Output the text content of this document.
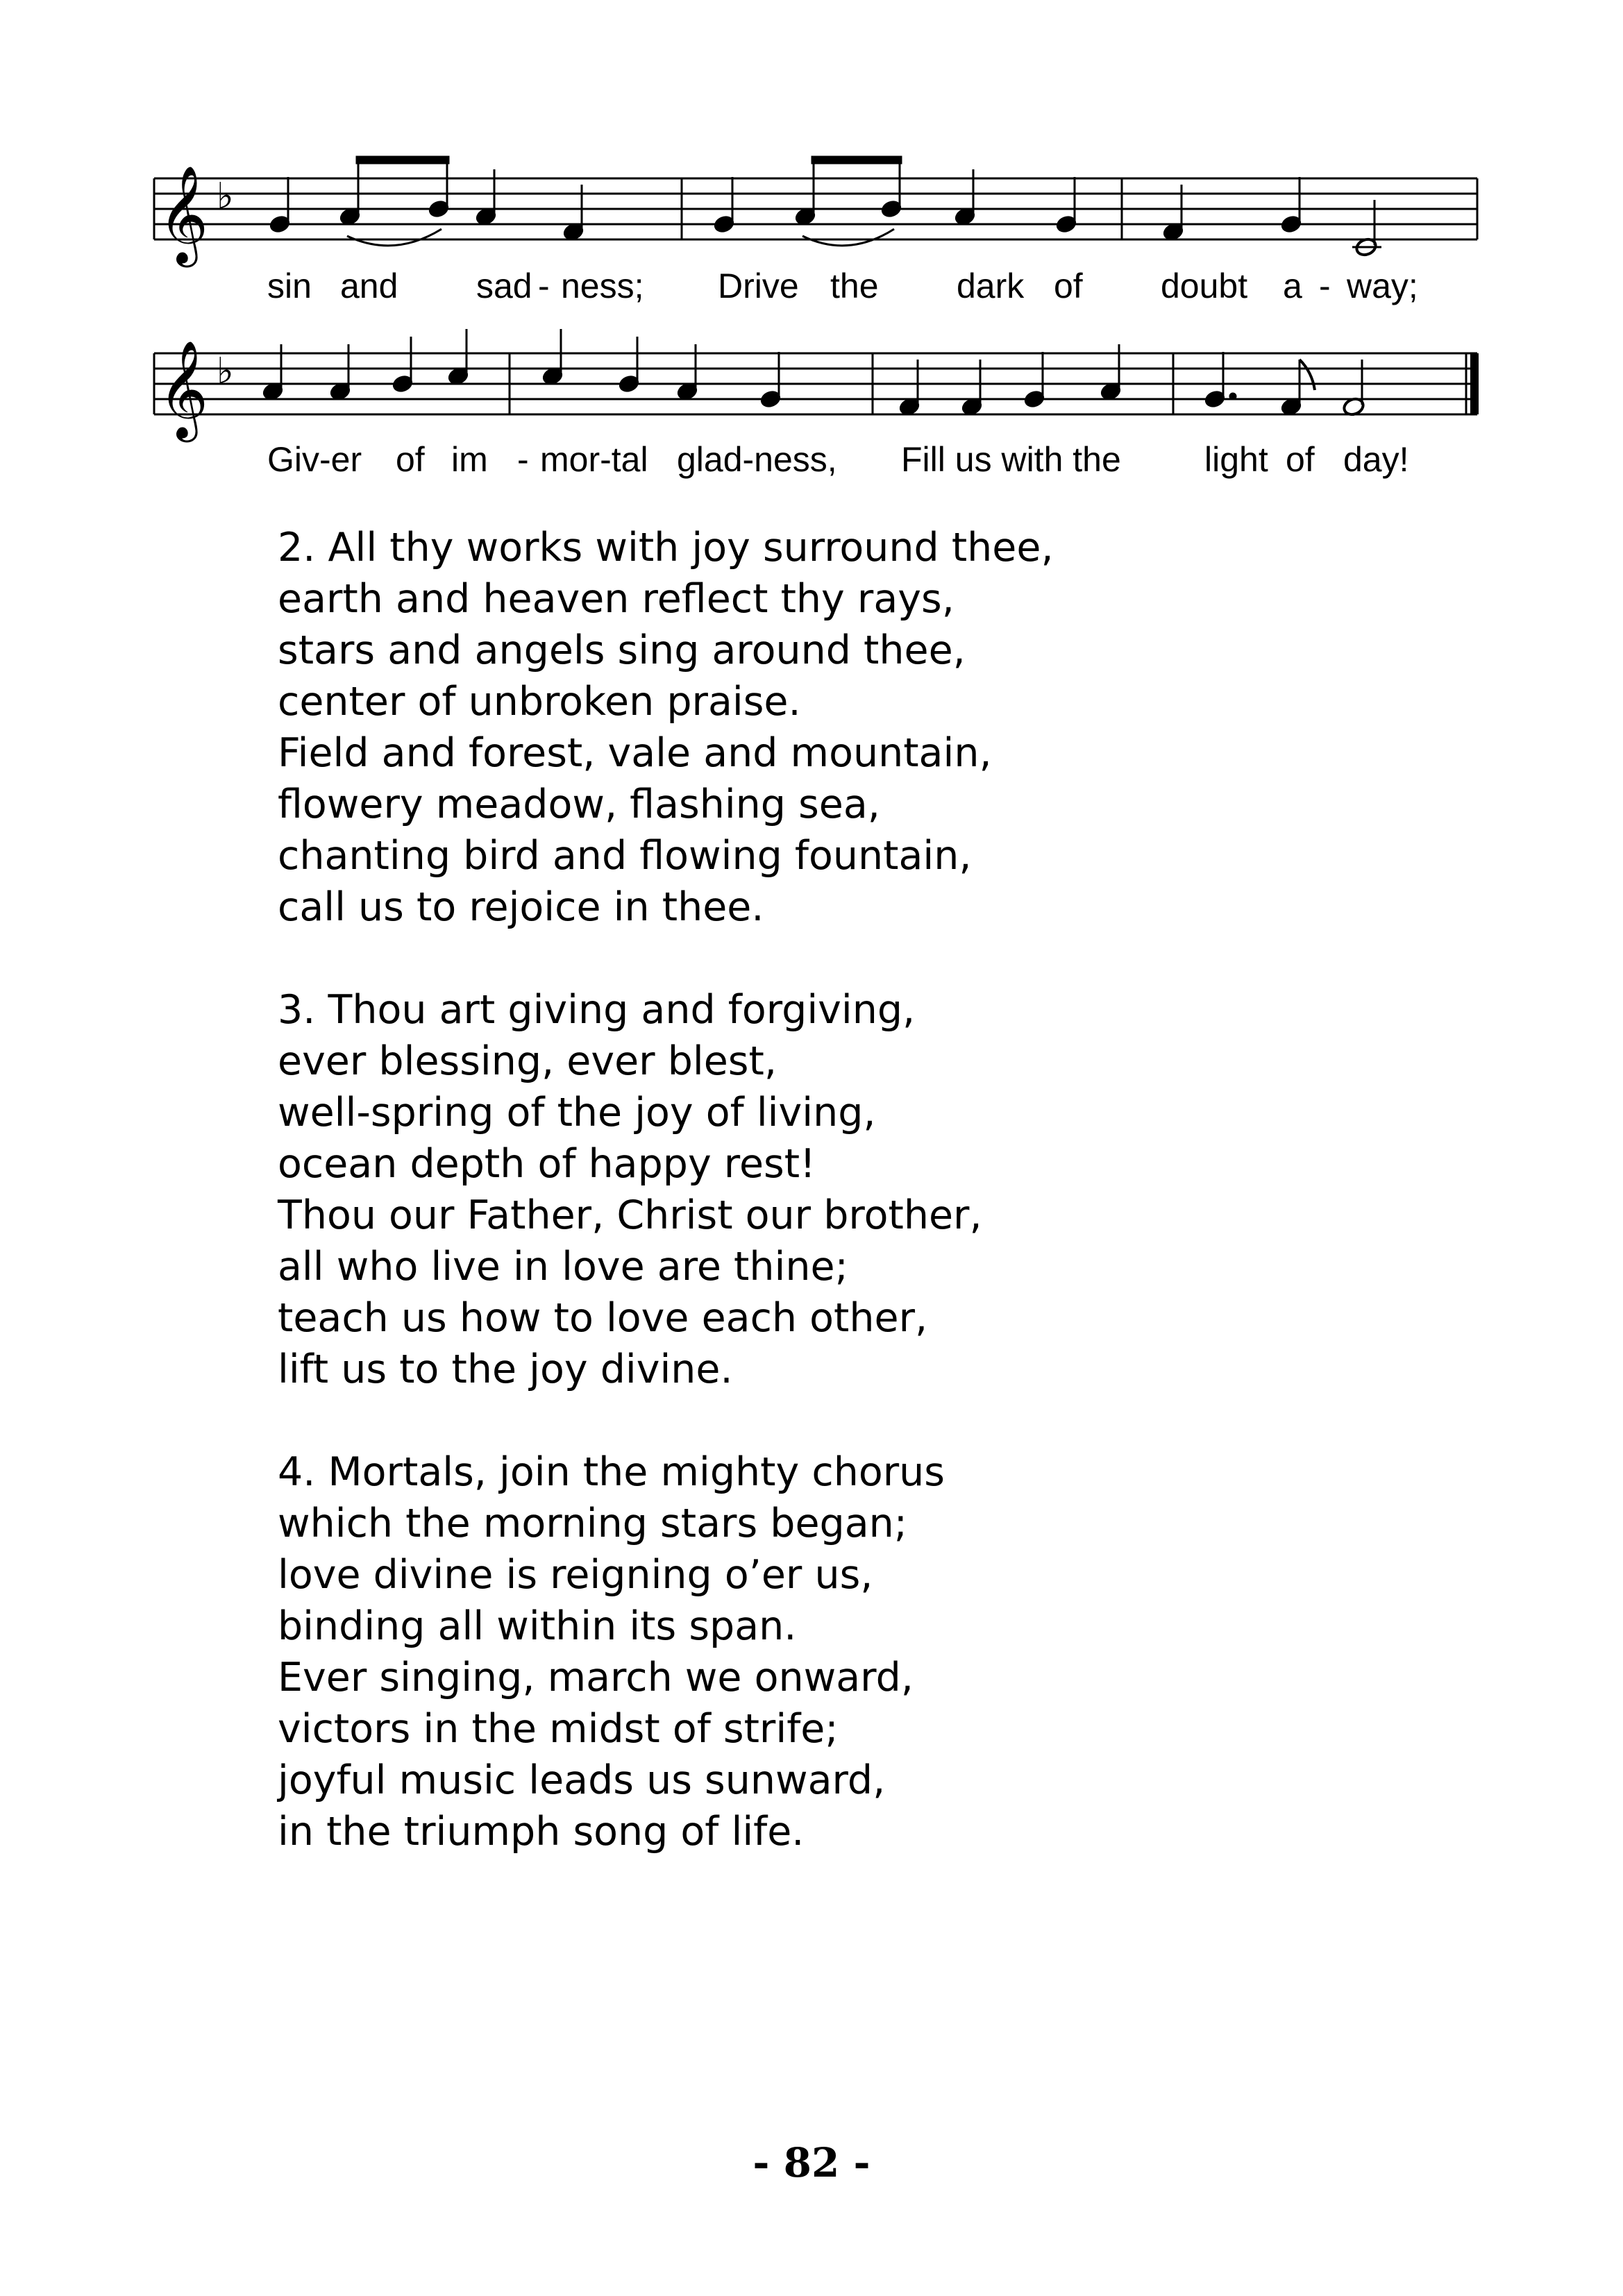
𝄞 ♭
sin and sad - ness; Drive the dark of doubt a - way;
𝄞 ♭
Giv-er of im - mor-tal glad-ness, Fill us with the light of day!
2. All thy works with joy surround thee,
earth and heaven reflect thy rays,
stars and angels sing around thee,
center of unbroken praise.
Field and forest, vale and mountain,
flowery meadow, flashing sea,
chanting bird and flowing fountain,
call us to rejoice in thee.
3. Thou art giving and forgiving,
ever blessing, ever blest,
well-spring of the joy of living,
ocean depth of happy rest!
Thou our Father, Christ our brother,
all who live in love are thine;
teach us how to love each other,
lift us to the joy divine.
4. Mortals, join the mighty chorus
which the morning stars began;
love divine is reigning o’er us,
binding all within its span.
Ever singing, march we onward,
victors in the midst of strife;
joyful music leads us sunward,
in the triumph song of life.
- 82 -
